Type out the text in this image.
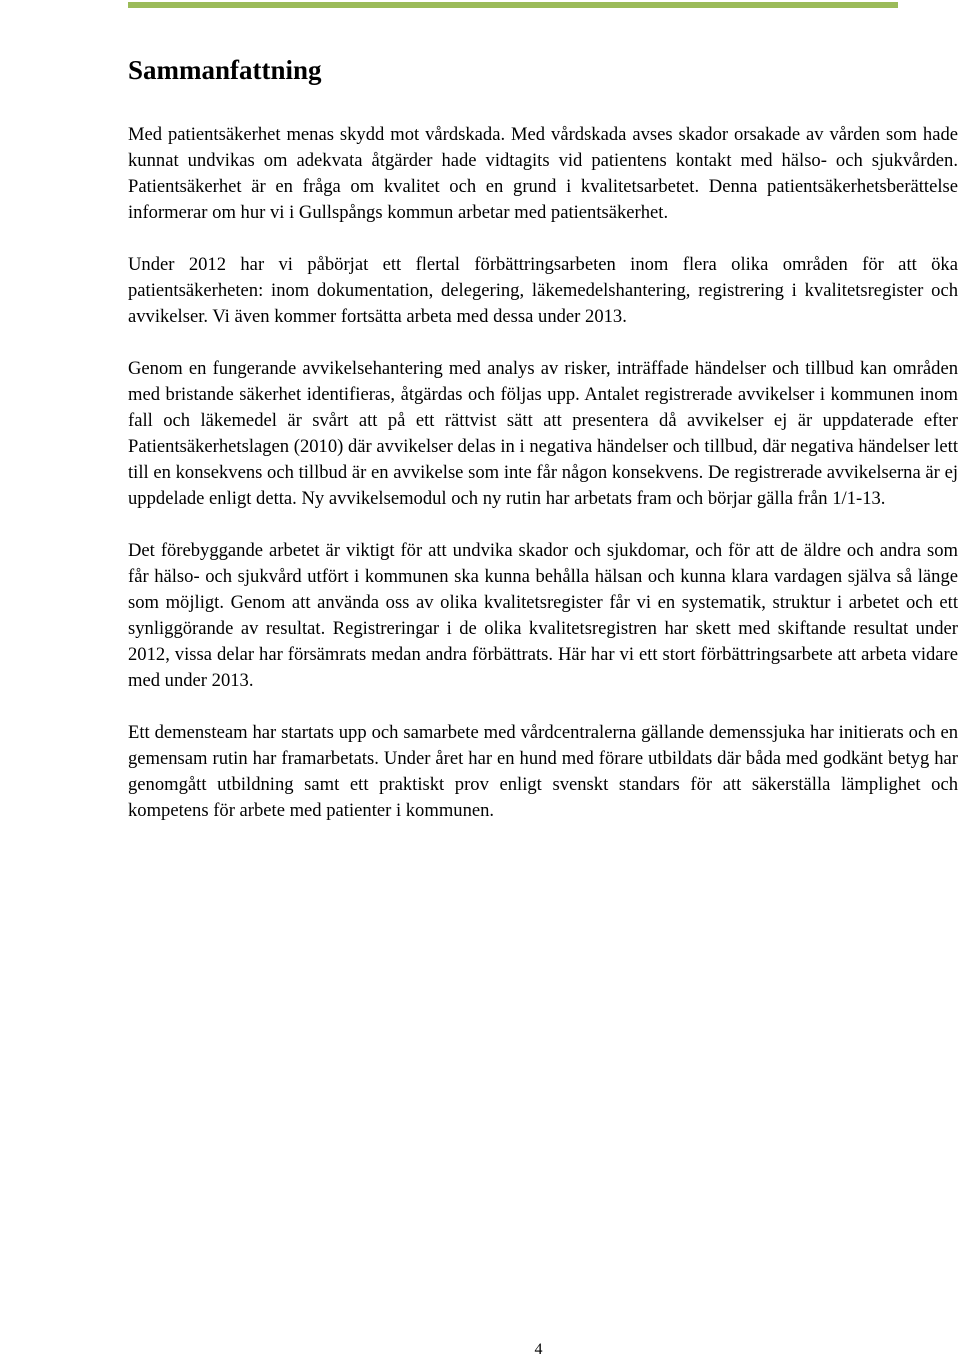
Sammanfattning

Med patientsäkerhet menas skydd mot vårdskada. Med vårdskada avses skador orsakade av vården som hade kunnat undvikas om adekvata åtgärder hade vidtagits vid patientens kontakt med hälso- och sjukvården. Patientsäkerhet är en fråga om kvalitet och en grund i kvalitetsarbetet. Denna patientsäkerhetsberättelse informerar om hur vi i Gullspångs kommun arbetar med patientsäkerhet.

Under 2012 har vi påbörjat ett flertal förbättringsarbeten inom flera olika områden för att öka patientsäkerheten: inom dokumentation, delegering, läkemedelshantering, registrering i kvalitetsregister och avvikelser. Vi även kommer fortsätta arbeta med dessa under 2013.

Genom en fungerande avvikelsehantering med analys av risker, inträffade händelser och tillbud kan områden med bristande säkerhet identifieras, åtgärdas och följas upp. Antalet registrerade avvikelser i kommunen inom fall och läkemedel är svårt att på ett rättvist sätt att presentera då avvikelser ej är uppdaterade efter Patientsäkerhetslagen (2010) där avvikelser delas in i negativa händelser och tillbud, där negativa händelser lett till en konsekvens och tillbud är en avvikelse som inte får någon konsekvens. De registrerade avvikelserna är ej uppdelade enligt detta. Ny avvikelsemodul och ny rutin har arbetats fram och börjar gälla från 1/1-13.

Det förebyggande arbetet är viktigt för att undvika skador och sjukdomar, och för att de äldre och andra som får hälso- och sjukvård utfört i kommunen ska kunna behålla hälsan och kunna klara vardagen själva så länge som möjligt. Genom att använda oss av olika kvalitetsregister får vi en systematik, struktur i arbetet och ett synliggörande av resultat. Registreringar i de olika kvalitetsregistren har skett med skiftande resultat under 2012, vissa delar har försämrats medan andra förbättrats. Här har vi ett stort förbättringsarbete att arbeta vidare med under 2013.

Ett demensteam har startats upp och samarbete med vårdcentralerna gällande demenssjuka har initierats och en gemensam rutin har framarbetats. Under året har en hund med förare utbildats där båda med godkänt betyg har genomgått utbildning samt ett praktiskt prov enligt svenskt standars för att säkerställa lämplighet och kompetens för arbete med patienter i kommunen.

4
